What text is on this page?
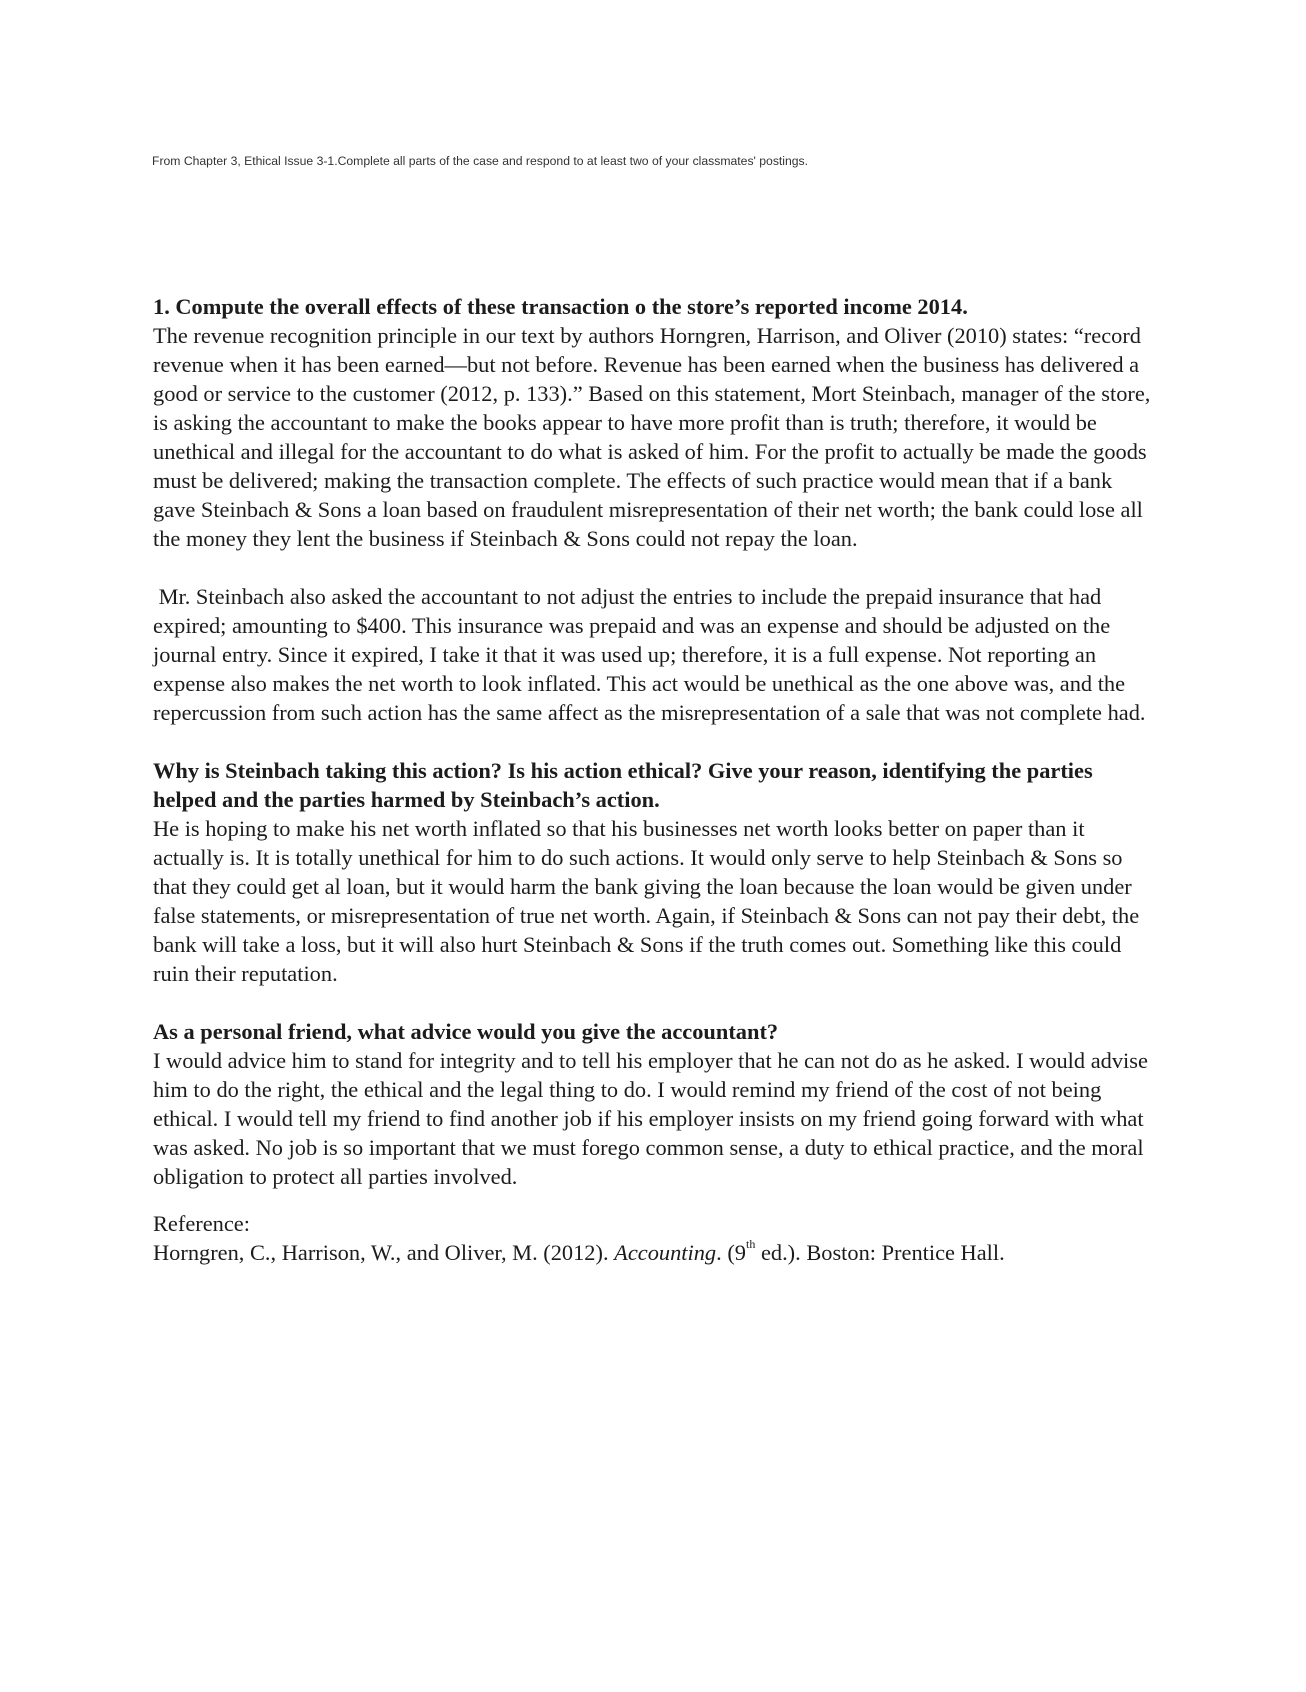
From Chapter 3, Ethical Issue 3-1.Complete all parts of the case and respond to at least two of your classmates' postings.

1. Compute the overall effects of these transaction o the store’s reported income 2014.

The revenue recognition principle in our text by authors Horngren, Harrison, and Oliver (2010) states: “record revenue when it has been earned—but not before. Revenue has been earned when the business has delivered a good or service to the customer (2012, p. 133).” Based on this statement, Mort Steinbach, manager of the store, is asking the accountant to make the books appear to have more profit than is truth; therefore, it would be unethical and illegal for the accountant to do what is asked of him. For the profit to actually be made the goods must be delivered; making the transaction complete. The effects of such practice would mean that if a bank gave Steinbach & Sons a loan based on fraudulent misrepresentation of their net worth; the bank could lose all the money they lent the business if Steinbach & Sons could not repay the loan.

Mr. Steinbach also asked the accountant to not adjust the entries to include the prepaid insurance that had expired; amounting to $400. This insurance was prepaid and was an expense and should be adjusted on the journal entry. Since it expired, I take it that it was used up; therefore, it is a full expense. Not reporting an expense also makes the net worth to look inflated. This act would be unethical as the one above was, and the repercussion from such action has the same affect as the misrepresentation of a sale that was not complete had.

Why is Steinbach taking this action? Is his action ethical? Give your reason, identifying the parties helped and the parties harmed by Steinbach’s action.

He is hoping to make his net worth inflated so that his businesses net worth looks better on paper than it actually is. It is totally unethical for him to do such actions. It would only serve to help Steinbach & Sons so that they could get al loan, but it would harm the bank giving the loan because the loan would be given under false statements, or misrepresentation of true net worth. Again, if Steinbach & Sons can not pay their debt, the bank will take a loss, but it will also hurt Steinbach & Sons if the truth comes out. Something like this could ruin their reputation.

As a personal friend, what advice would you give the accountant?

I would advice him to stand for integrity and to tell his employer that he can not do as he asked. I would advise him to do the right, the ethical and the legal thing to do. I would remind my friend of the cost of not being ethical. I would tell my friend to find another job if his employer insists on my friend going forward with what was asked. No job is so important that we must forego common sense, a duty to ethical practice, and the moral obligation to protect all parties involved.

Reference:

Horngren, C., Harrison, W., and Oliver, M. (2012). Accounting. (9th ed.). Boston: Prentice Hall.
